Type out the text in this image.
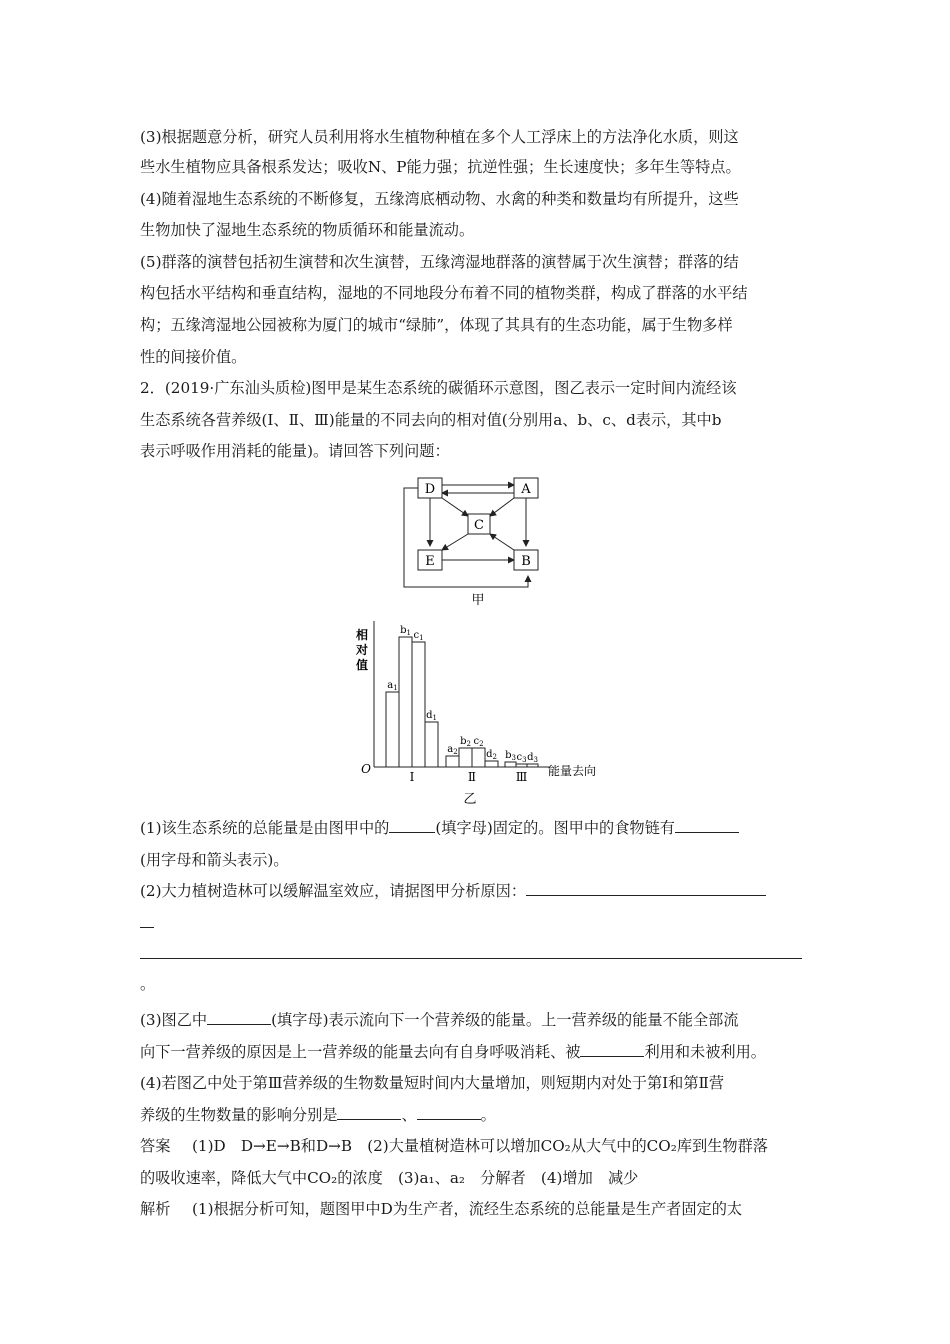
(3)根据题意分析，研究人员利用将水生植物种植在多个人工浮床上的方法净化水质，则这
些水生植物应具备根系发达；吸收N、P能力强；抗逆性强；生长速度快；多年生等特点。
(4)随着湿地生态系统的不断修复，五缘湾底栖动物、水禽的种类和数量均有所提升，这些
生物加快了湿地生态系统的物质循环和能量流动。
(5)群落的演替包括初生演替和次生演替，五缘湾湿地群落的演替属于次生演替；群落的结
构包括水平结构和垂直结构，湿地的不同地段分布着不同的植物类群，构成了群落的水平结
构；五缘湾湿地公园被称为厦门的城市“绿肺”，体现了其具有的生态功能，属于生物多样
性的间接价值。
2．(2019·广东汕头质检)图甲是某生态系统的碳循环示意图，图乙表示一定时间内流经该
生态系统各营养级(Ⅰ、Ⅱ、Ⅲ)能量的不同去向的相对值(分别用a、b、c、d表示，其中b
表示呼吸作用消耗的能量)。请回答下列问题：
D	A
C
E	B
甲
相
对
值
O	能量去向
$a_1$
$b_1$ $c_1$
$d_1$
Ⅰ
$a_2$
$b_2$ $c_2$
$d_2$
Ⅱ
$b_3$ $c_3$ $d_3$
Ⅲ
乙
(1)该生态系统的总能量是由图甲中的	(填字母)固定的。图甲中的食物链有
(用字母和箭头表示)。
(2)大力植树造林可以缓解温室效应，请据图甲分析原因：
。
(3)图乙中	(填字母)表示流向下一个营养级的能量。上一营养级的能量不能全部流
向下一营养级的原因是上一营养级的能量去向有自身呼吸消耗、被	利用和未被利用。
(4)若图乙中处于第Ⅲ营养级的生物数量短时间内大量增加，则短期内对处于第Ⅰ和第Ⅱ营
养级的生物数量的影响分别是	、	。
答案 (1)D　D→E→B和D→B　(2)大量植树造林可以增加CO₂从大气中的CO₂库到生物群落
的吸收速率，降低大气中CO₂的浓度　(3)a₁、a₂　分解者　(4)增加　减少
解析 (1)根据分析可知，题图甲中D为生产者，流经生态系统的总能量是生产者固定的太
